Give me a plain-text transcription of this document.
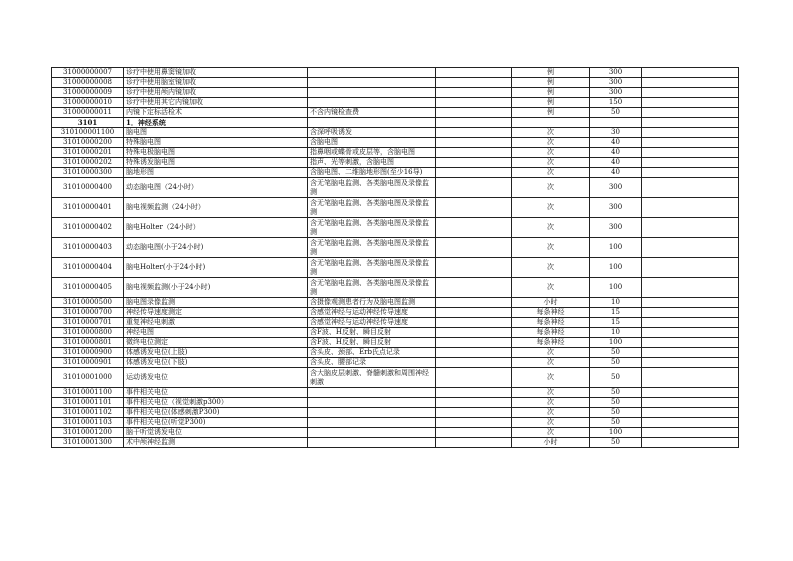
31000000007	诊疗中使用鼻窦镜加收			例	300	
31000000008	诊疗中使用脑室镜加收			例	300	
31000000009	诊疗中使用颅内镜加收			例	300	
31000000010	诊疗中使用其它内镜加收			例	150	
31000000011	内镜下定标活检术	不含内镜检查费		例	50	
3101	1．神经系统					
310100001100	脑电图	含深呼吸诱发		次	30	
31010000200	特殊脑电图	含脑电图		次	40	
31010000201	特殊电极脑电图	指鼻咽或蝶骨或皮层等，含脑电图		次	40	
31010000202	特殊诱发脑电图	指声、光等刺激，含脑电图		次	40	
31010000300	脑地形图	含脑电图、二维脑地形图(至少16导)		次	40	
31010000400	动态脑电图（24小时）	含无笔脑电监测、各类脑电图及录像监测		次	300	
31010000401	脑电视频监测（24小时）	含无笔脑电监测、各类脑电图及录像监测		次	300	
31010000402	脑电Holter（24小时）	含无笔脑电监测、各类脑电图及录像监测		次	300	
31010000403	动态脑电图(小于24小时)	含无笔脑电监测、各类脑电图及录像监测		次	100	
31010000404	脑电Holter(小于24小时)	含无笔脑电监测、各类脑电图及录像监测		次	100	
31010000405	脑电视频监测(小于24小时)	含无笔脑电监测、各类脑电图及录像监测		次	100	
31010000500	脑电图录像监测	含摄像观测患者行为及脑电图监测		小时	10	
31010000700	神经传导速度测定	含感觉神经与运动神经传导速度		每条神经	15	
31010000701	重复神经电刺激	含感觉神经与运动神经传导速度		每条神经	15	
31010000800	神经电图	含F波、H反射、瞬目反射		每条神经	10	
31010000801	微终电位测定	含F波、H反射、瞬目反射		每条神经	100	
31010000900	体感诱发电位(上肢)	含头皮、颈部、Erb氏点记录		次	50	
31010000901	体感诱发电位(下肢)	含头皮、腰部记录		次	50	
31010001000	运动诱发电位	含大脑皮层刺激、脊髓刺激和周围神经刺激		次	50	
31010001100	事件相关电位			次	50	
31010001101	事件相关电位（视觉刺激p300）			次	50	
31010001102	事件相关电位(体感刺激P300)			次	50	
31010001103	事件相关电位(听觉P300)			次	50	
31010001200	脑干听觉诱发电位			次	100	
31010001300	术中颅神经监测			小时	50	
